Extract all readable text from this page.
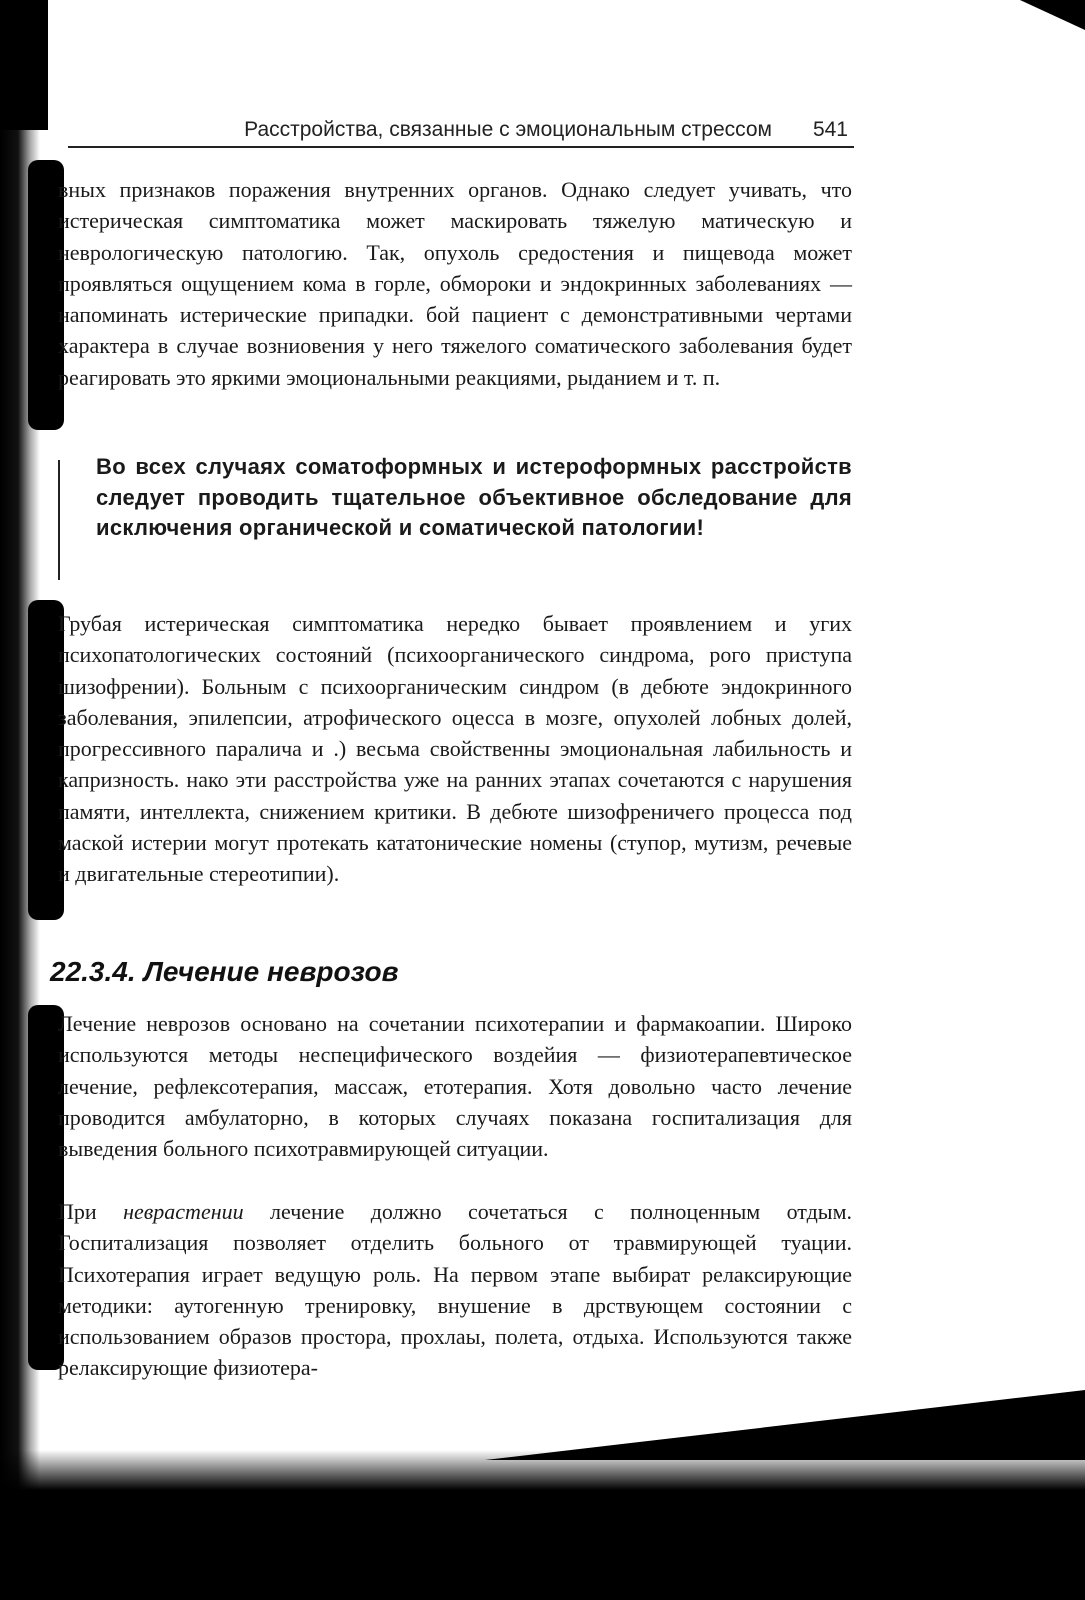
Расстройства, связанные с эмоциональным стрессом 541

вных признаков поражения внутренних органов. Однако следует учивать, что истерическая симптоматика может маскировать тяжелую матическую и неврологическую патологию. Так, опухоль средостения и пищевода может проявляться ощущением кома в горле, обмороки и эндокринных заболеваниях — напоминать истерические припадки. бой пациент с демонстративными чертами характера в случае возниовения у него тяжелого соматического заболевания будет реагировать это яркими эмоциональными реакциями, рыданием и т. п.

Во всех случаях соматоформных и истероформных расстройств следует проводить тщательное объективное обследование для исключения органической и соматической патологии!

Грубая истерическая симптоматика нередко бывает проявлением и угих психопатологических состояний (психоорганического синдрома, рого приступа шизофрении). Больным с психоорганическим синдром (в дебюте эндокринного заболевания, эпилепсии, атрофического оцесса в мозге, опухолей лобных долей, прогрессивного паралича и .) весьма свойственны эмоциональная лабильность и капризность. нако эти расстройства уже на ранних этапах сочетаются с нарушения памяти, интеллекта, снижением критики. В дебюте шизофреничего процесса под маской истерии могут протекать кататонические номены (ступор, мутизм, речевые и двигательные стереотипии).

22.3.4. Лечение неврозов

Лечение неврозов основано на сочетании психотерапии и фармакоапии. Широко используются методы неспецифического воздейия — физиотерапевтическое лечение, рефлексотерапия, массаж, етотерапия. Хотя довольно часто лечение проводится амбулаторно, в которых случаях показана госпитализация для выведения больного психотравмирующей ситуации.

При неврастении лечение должно сочетаться с полноценным отдым. Госпитализация позволяет отделить больного от травмирующей туации. Психотерапия играет ведущую роль. На первом этапе выбират релаксирующие методики: аутогенную тренировку, внушение в дрствующем состоянии с использованием образов простора, прохлаы, полета, отдыха. Используются также релаксирующие физиотера-
